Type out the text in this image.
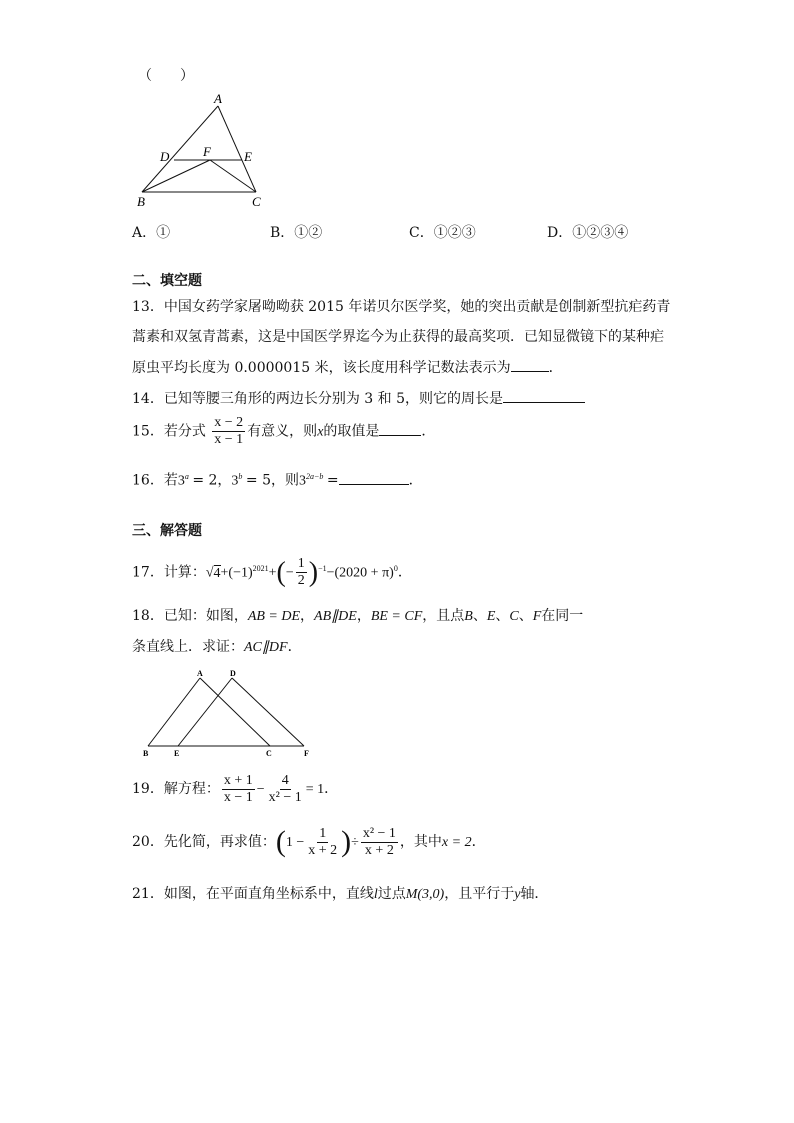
（　　）
A
D	F	E
B	C
A．①	B．①②	C．①②③	D．①②③④
二、填空题
13．中国女药学家屠呦呦获 2015 年诺贝尔医学奖，她的突出贡献是创制新型抗疟药青
蒿素和双氢青蒿素，这是中国医学界迄今为止获得的最高奖项．已知显微镜下的某种疟
原虫平均长度为 0.0000015 米，该长度用科学记数法表示为	．
14．已知等腰三角形的两边长分别为 3 和 5，则它的周长是
15．若分式 $\frac{x - 2}{x - 1}$ 有意义，则x的取值是	．
16．若$3^a = 2$，$3^b = 5$，则$3^{2a-b}$ =	．
三、解答题
17．计算：$√4+(-1)^{2021}+(- \frac{1}{2} )^{-1}-(2020 + \pi)^0$．
18．已知：如图，AB = DE，AB∥DE，BE = CF，且点B、E、C、F在同一
条直线上．求证：AC∥DF．
A	D
B	E	C	F
19．解方程： $\frac{x + 1}{x - 1} - \frac{4}{\text{x² − 1}} = 1$．
20．先化简，再求值：($1 - \frac{1}{x + 2}$ )÷ $\frac{\text{x² − 1}}{x + 2}$ ，其中x = 2．
21．如图，在平面直角坐标系中，直线l过点M(3,0)，且平行于y轴．
